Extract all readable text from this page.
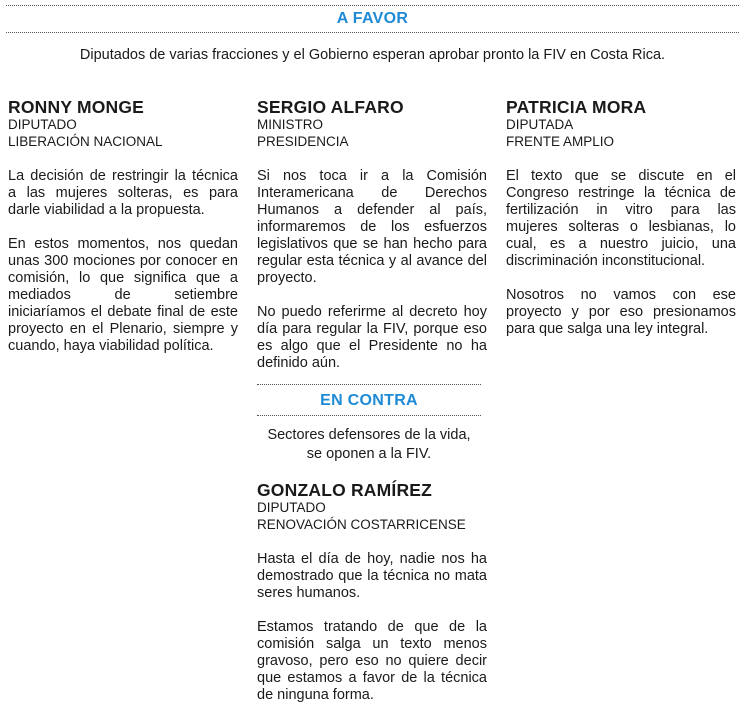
A FAVOR
Diputados de varias fracciones y el Gobierno esperan aprobar pronto la FIV en Costa Rica.
RONNY MONGE
DIPUTADO
LIBERACIÓN NACIONAL

La decisión de restringir la técnica a las mujeres solteras, es para darle viabilidad a la propuesta.

En estos momentos, nos quedan unas 300 mociones por conocer en comisión, lo que significa que a mediados de setiembre iniciaríamos el debate final de este proyecto en el Plenario, siempre y cuando, haya viabilidad política.

SERGIO ALFARO
MINISTRO
PRESIDENCIA

Si nos toca ir a la Comisión Interamericana de Derechos Humanos a defender al país, informaremos de los esfuerzos legislativos que se han hecho para regular esta técnica y al avance del proyecto.

No puedo referirme al decreto hoy día para regular la FIV, porque eso es algo que el Presidente no ha definido aún.

PATRICIA MORA
DIPUTADA
FRENTE AMPLIO

El texto que se discute en el Congreso restringe la técnica de fertilización in vitro para las mujeres solteras o lesbianas, lo cual, es a nuestro juicio, una discriminación inconstitucional.

Nosotros no vamos con ese proyecto y por eso presionamos para que salga una ley integral.

EN CONTRA
Sectores defensores de la vida, se oponen a la FIV.
GONZALO RAMÍREZ
DIPUTADO
RENOVACIÓN COSTARRICENSE

Hasta el día de hoy, nadie nos ha demostrado que la técnica no mata seres humanos.

Estamos tratando de que de la comisión salga un texto menos gravoso, pero eso no quiere decir que estamos a favor de la técnica de ninguna forma.
